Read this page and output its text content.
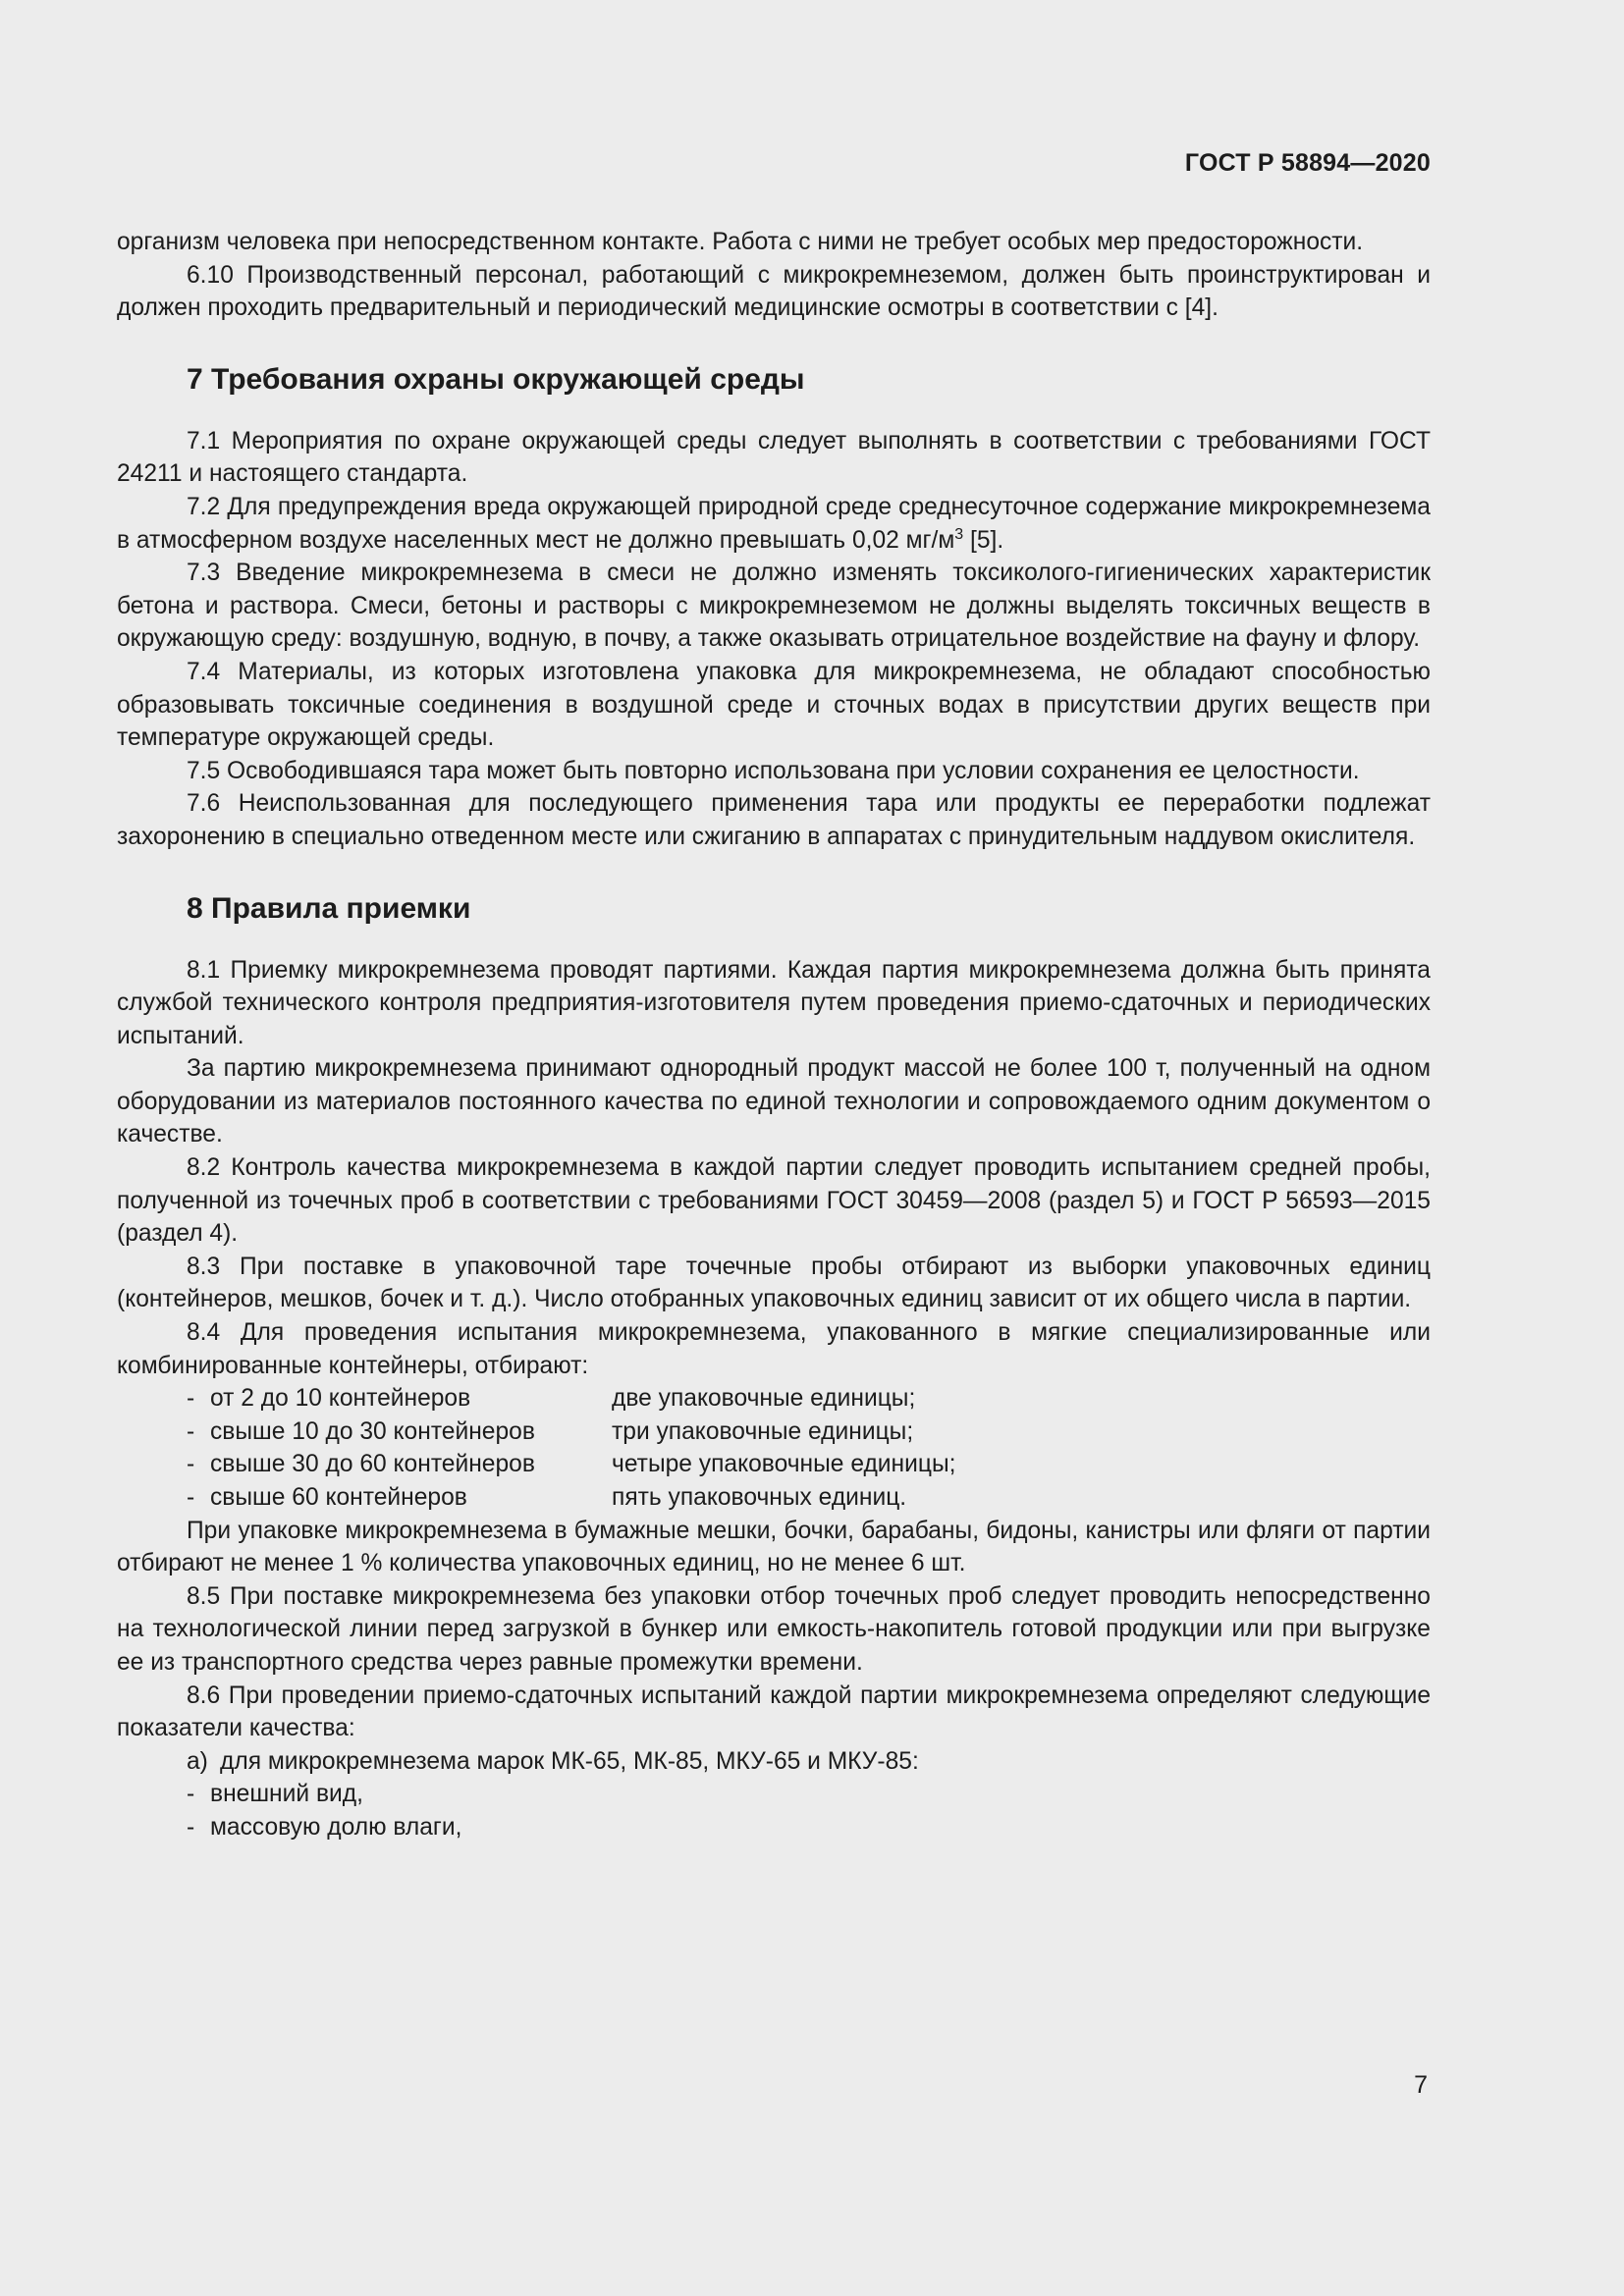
ГОСТ Р 58894—2020

организм человека при непосредственном контакте. Работа с ними не требует особых мер предосторожности.

6.10 Производственный персонал, работающий с микрокремнеземом, должен быть проинструктирован и должен проходить предварительный и периодический медицинские осмотры в соответствии с [4].

7 Требования охраны окружающей среды

7.1 Мероприятия по охране окружающей среды следует выполнять в соответствии с требованиями ГОСТ 24211 и настоящего стандарта.

7.2 Для предупреждения вреда окружающей природной среде среднесуточное содержание микрокремнезема в атмосферном воздухе населенных мест не должно превышать 0,02 $мг/м^3$ [5].

7.3 Введение микрокремнезема в смеси не должно изменять токсиколого-гигиенических характеристик бетона и раствора. Смеси, бетоны и растворы с микрокремнеземом не должны выделять токсичных веществ в окружающую среду: воздушную, водную, в почву, а также оказывать отрицательное воздействие на фауну и флору.

7.4 Материалы, из которых изготовлена упаковка для микрокремнезема, не обладают способностью образовывать токсичные соединения в воздушной среде и сточных водах в присутствии других веществ при температуре окружающей среды.

7.5 Освободившаяся тара может быть повторно использована при условии сохранения ее целостности.

7.6 Неиспользованная для последующего применения тара или продукты ее переработки подлежат захоронению в специально отведенном месте или сжиганию в аппаратах с принудительным наддувом окислителя.

8 Правила приемки

8.1 Приемку микрокремнезема проводят партиями. Каждая партия микрокремнезема должна быть принята службой технического контроля предприятия-изготовителя путем проведения приемо-сдаточных и периодических испытаний.

За партию микрокремнезема принимают однородный продукт массой не более 100 т, полученный на одном оборудовании из материалов постоянного качества по единой технологии и сопровождаемого одним документом о качестве.

8.2 Контроль качества микрокремнезема в каждой партии следует проводить испытанием средней пробы, полученной из точечных проб в соответствии с требованиями ГОСТ 30459—2008 (раздел 5) и ГОСТ Р 56593—2015 (раздел 4).

8.3 При поставке в упаковочной таре точечные пробы отбирают из выборки упаковочных единиц (контейнеров, мешков, бочек и т. д.). Число отобранных упаковочных единиц зависит от их общего числа в партии.

8.4 Для проведения испытания микрокремнезема, упакованного в мягкие специализированные или комбинированные контейнеры, отбирают:

- от 2 до 10 контейнеров	две упаковочные единицы;
- свыше 10 до 30 контейнеров	три упаковочные единицы;
- свыше 30 до 60 контейнеров	четыре упаковочные единицы;
- свыше 60 контейнеров	пять упаковочных единиц.

При упаковке микрокремнезема в бумажные мешки, бочки, барабаны, бидоны, канистры или фляги от партии отбирают не менее 1 % количества упаковочных единиц, но не менее 6 шт.

8.5 При поставке микрокремнезема без упаковки отбор точечных проб следует проводить непосредственно на технологической линии перед загрузкой в бункер или емкость-накопитель готовой продукции или при выгрузке ее из транспортного средства через равные промежутки времени.

8.6 При проведении приемо-сдаточных испытаний каждой партии микрокремнезема определяют следующие показатели качества:

а) для микрокремнезема марок МК-65, МК-85, МКУ-65 и МКУ-85:
- внешний вид,
- массовую долю влаги,
7
